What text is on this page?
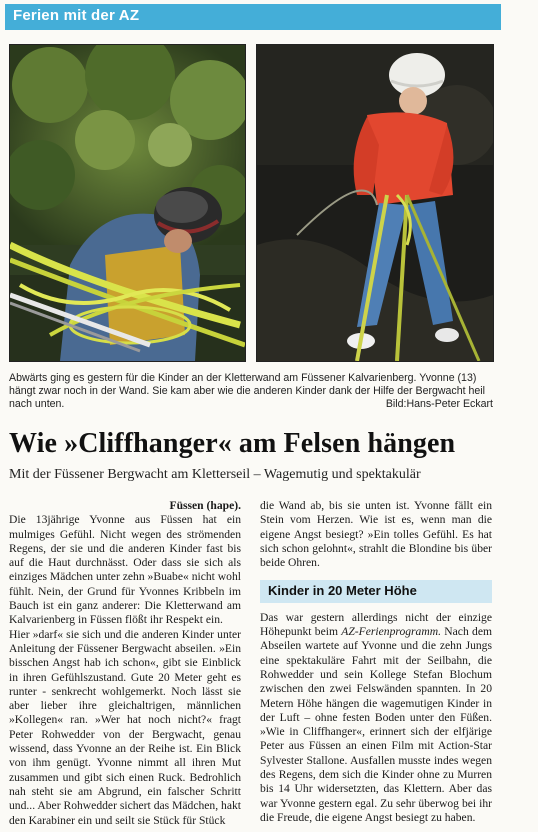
Ferien mit der AZ
Abwärts ging es gestern für die Kinder an der Kletterwand am Füssener Kalvarienberg. Yvonne (13) hängt zwar noch in der Wand. Sie kam aber wie die anderen Kinder dank der Hilfe der Bergwacht heil nach unten.	Bild:Hans-Peter Eckart
Wie »Cliffhanger« am Felsen hängen
Mit der Füssener Bergwacht am Kletterseil – Wagemutig und spektakulär
Füssen (hape).

Die 13jährige Yvonne aus Füssen hat ein mulmiges Gefühl. Nicht wegen des strömenden Regens, der sie und die anderen Kinder fast bis auf die Haut durchnässt. Oder dass sie sich als einziges Mädchen unter zehn »Buabe« nicht wohl fühlt. Nein, der Grund für Yvonnes Kribbeln im Bauch ist ein ganz anderer: Die Kletterwand am Kalvarienberg in Füssen flößt ihr Respekt ein.

Hier »darf« sie sich und die anderen Kinder unter Anleitung der Füssener Bergwacht abseilen. »Ein bisschen Angst hab ich schon«, gibt sie Einblick in ihren Gefühlszustand. Gute 20 Meter geht es runter - senkrecht wohlgemerkt. Noch lässt sie aber lieber ihre gleichaltrigen, männlichen »Kollegen« ran. »Wer hat noch nicht?« fragt Peter Rohwedder von der Bergwacht, genau wissend, dass Yvonne an der Reihe ist. Ein Blick von ihm genügt. Yvonne nimmt all ihren Mut zusammen und gibt sich einen Ruck. Bedrohlich nah steht sie am Abgrund, ein falscher Schritt und... Aber Rohwedder sichert das Mädchen, hakt den Karabiner ein und seilt sie Stück für Stück

die Wand ab, bis sie unten ist. Yvonne fällt ein Stein vom Herzen. Wie ist es, wenn man die eigene Angst besiegt? »Ein tolles Gefühl. Es hat sich schon gelohnt«, strahlt die Blondine bis über beide Ohren.

Kinder in 20 Meter Höhe

Das war gestern allerdings nicht der einzige Höhepunkt beim AZ-Ferienprogramm. Nach dem Abseilen wartete auf Yvonne und die zehn Jungs eine spektakuläre Fahrt mit der Seilbahn, die Rohwedder und sein Kollege Stefan Blochum zwischen den zwei Felswänden spannten. In 20 Metern Höhe hängen die wagemutigen Kinder in der Luft – ohne festen Boden unter den Füßen. »Wie in Cliffhanger«, erinnert sich der elfjärige Peter aus Füssen an einen Film mit Action-Star Sylvester Stallone. Ausfallen musste indes wegen des Regens, dem sich die Kinder ohne zu Murren bis 14 Uhr widersetzten, das Klettern. Aber das war Yvonne gestern egal. Zu sehr überwog bei ihr die Freude, die eigene Angst besiegt zu haben.
